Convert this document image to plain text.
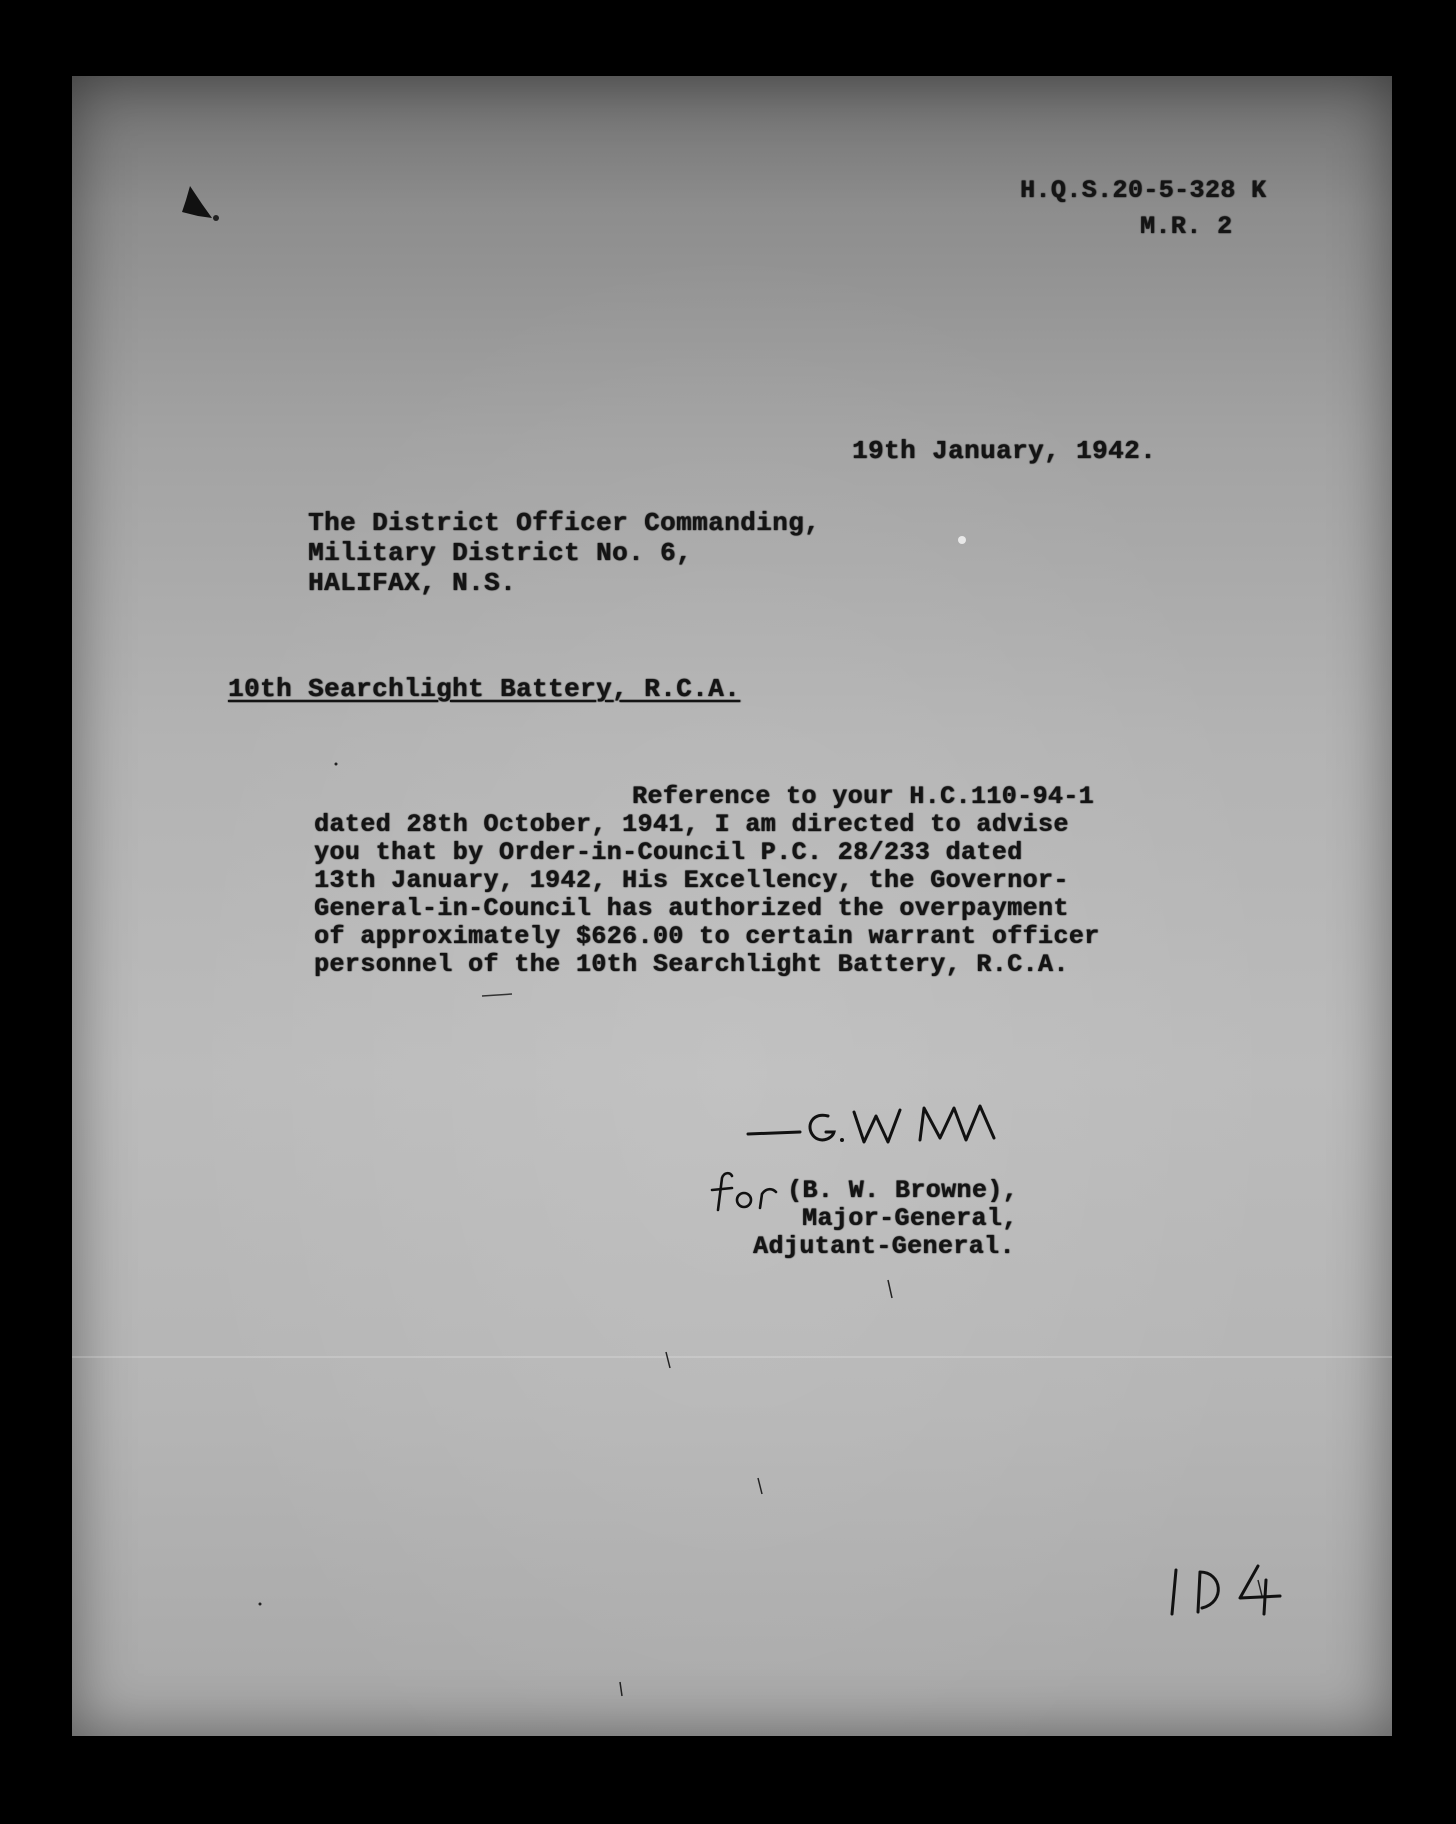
H.Q.S.20-5-328 K
M.R. 2
19th January, 1942.
The District Officer Commanding,
Military District No. 6,
HALIFAX, N.S.
10th Searchlight Battery, R.C.A.
Reference to your H.C.110-94-1
dated 28th October, 1941, I am directed to advise
you that by Order-in-Council P.C. 28/233 dated
13th January, 1942, His Excellency, the Governor-
General-in-Council has authorized the overpayment
of approximately $626.00 to certain warrant officer
personnel of the 10th Searchlight Battery, R.C.A.
(B. W. Browne),
Major-General,
Adjutant-General.
